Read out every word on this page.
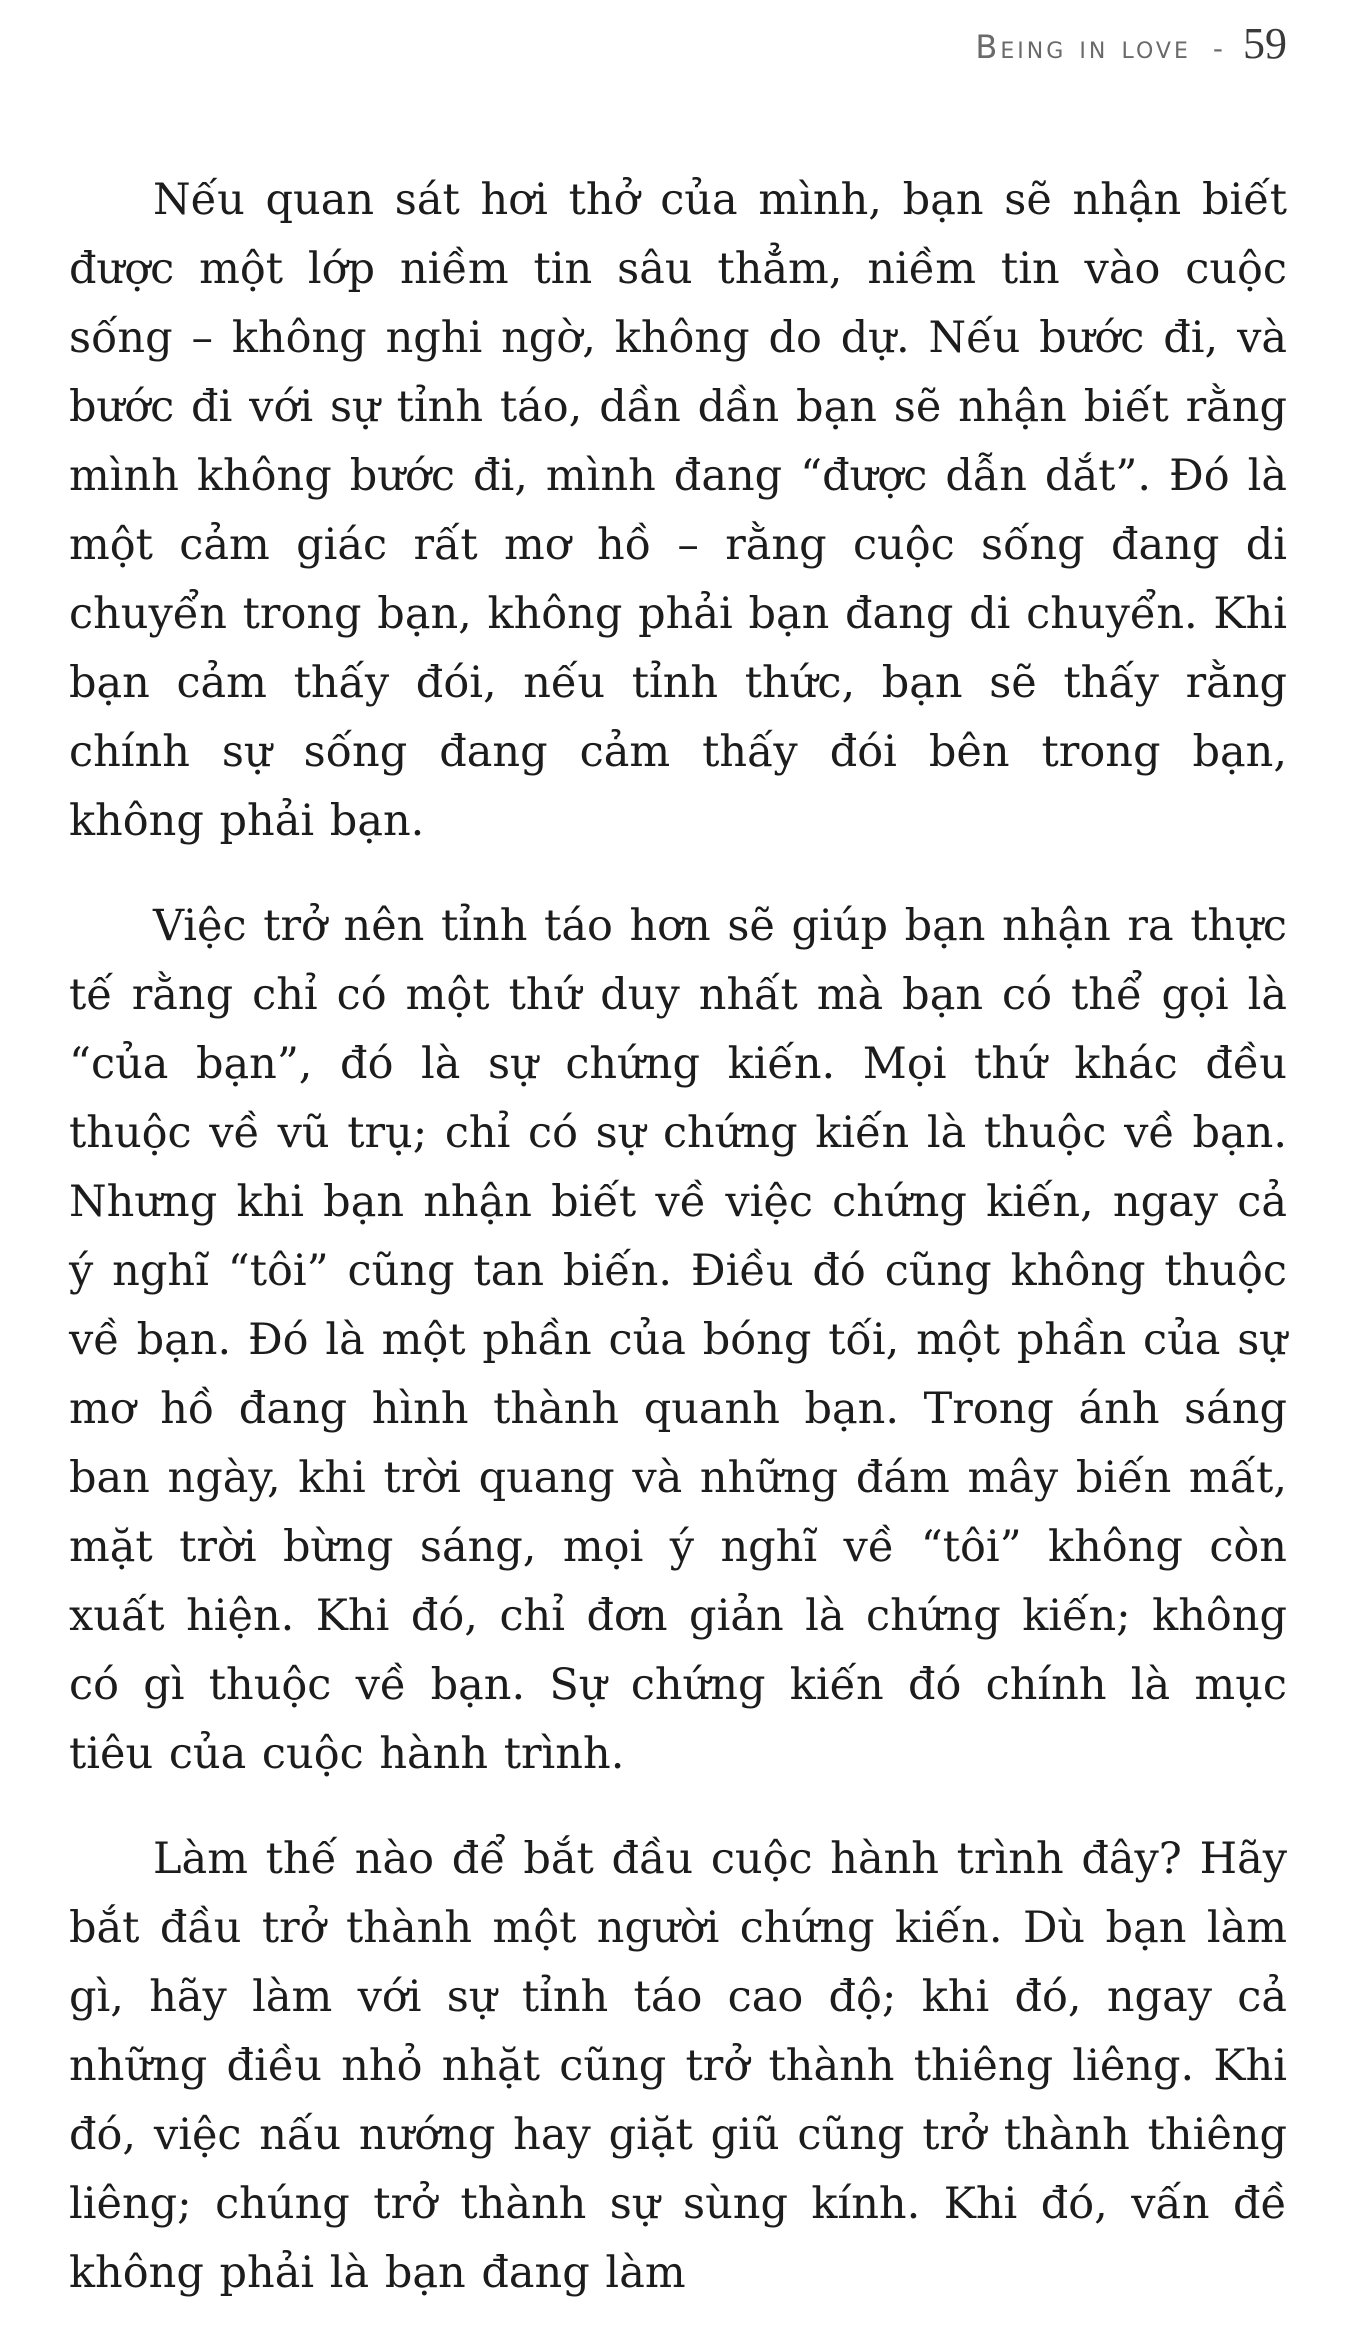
Being in love - 59

Nếu quan sát hơi thở của mình, bạn sẽ nhận biết được một lớp niềm tin sâu thẳm, niềm tin vào cuộc sống – không nghi ngờ, không do dự. Nếu bước đi, và bước đi với sự tỉnh táo, dần dần bạn sẽ nhận biết rằng mình không bước đi, mình đang “được dẫn dắt”. Đó là một cảm giác rất mơ hồ – rằng cuộc sống đang di chuyển trong bạn, không phải bạn đang di chuyển. Khi bạn cảm thấy đói, nếu tỉnh thức, bạn sẽ thấy rằng chính sự sống đang cảm thấy đói bên trong bạn, không phải bạn.

Việc trở nên tỉnh táo hơn sẽ giúp bạn nhận ra thực tế rằng chỉ có một thứ duy nhất mà bạn có thể gọi là “của bạn”, đó là sự chứng kiến. Mọi thứ khác đều thuộc về vũ trụ; chỉ có sự chứng kiến là thuộc về bạn. Nhưng khi bạn nhận biết về việc chứng kiến, ngay cả ý nghĩ “tôi” cũng tan biến. Điều đó cũng không thuộc về bạn. Đó là một phần của bóng tối, một phần của sự mơ hồ đang hình thành quanh bạn. Trong ánh sáng ban ngày, khi trời quang và những đám mây biến mất, mặt trời bừng sáng, mọi ý nghĩ về “tôi” không còn xuất hiện. Khi đó, chỉ đơn giản là chứng kiến; không có gì thuộc về bạn. Sự chứng kiến đó chính là mục tiêu của cuộc hành trình.

Làm thế nào để bắt đầu cuộc hành trình đây? Hãy bắt đầu trở thành một người chứng kiến. Dù bạn làm gì, hãy làm với sự tỉnh táo cao độ; khi đó, ngay cả những điều nhỏ nhặt cũng trở thành thiêng liêng. Khi đó, việc nấu nướng hay giặt giũ cũng trở thành thiêng liêng; chúng trở thành sự sùng kính. Khi đó, vấn đề không phải là bạn đang làm
